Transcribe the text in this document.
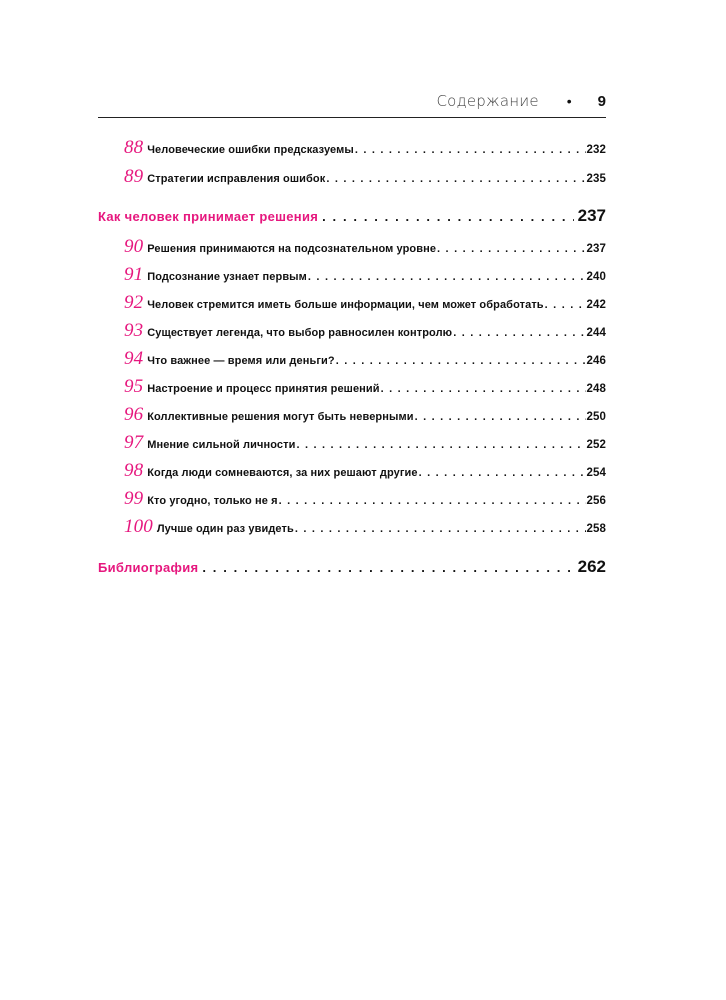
Содержание • 9
88 Человеческие ошибки предсказуемы . . .	232
89 Стратегии исправления ошибок . . .	235
Как человек принимает решения . . .	237
90 Решения принимаются на подсознательном уровне . . .	237
91 Подсознание узнает первым . . .	240
92 Человек стремится иметь больше информации, чем может обработать . . .	242
93 Существует легенда, что выбор равносилен контролю . . .	244
94 Что важнее — время или деньги? . . .	246
95 Настроение и процесс принятия решений . . .	248
96 Коллективные решения могут быть неверными . . .	250
97 Мнение сильной личности . . .	252
98 Когда люди сомневаются, за них решают другие . . .	254
99 Кто угодно, только не я . . .	256
100 Лучше один раз увидеть . . .	258
Библиография . . .	262
